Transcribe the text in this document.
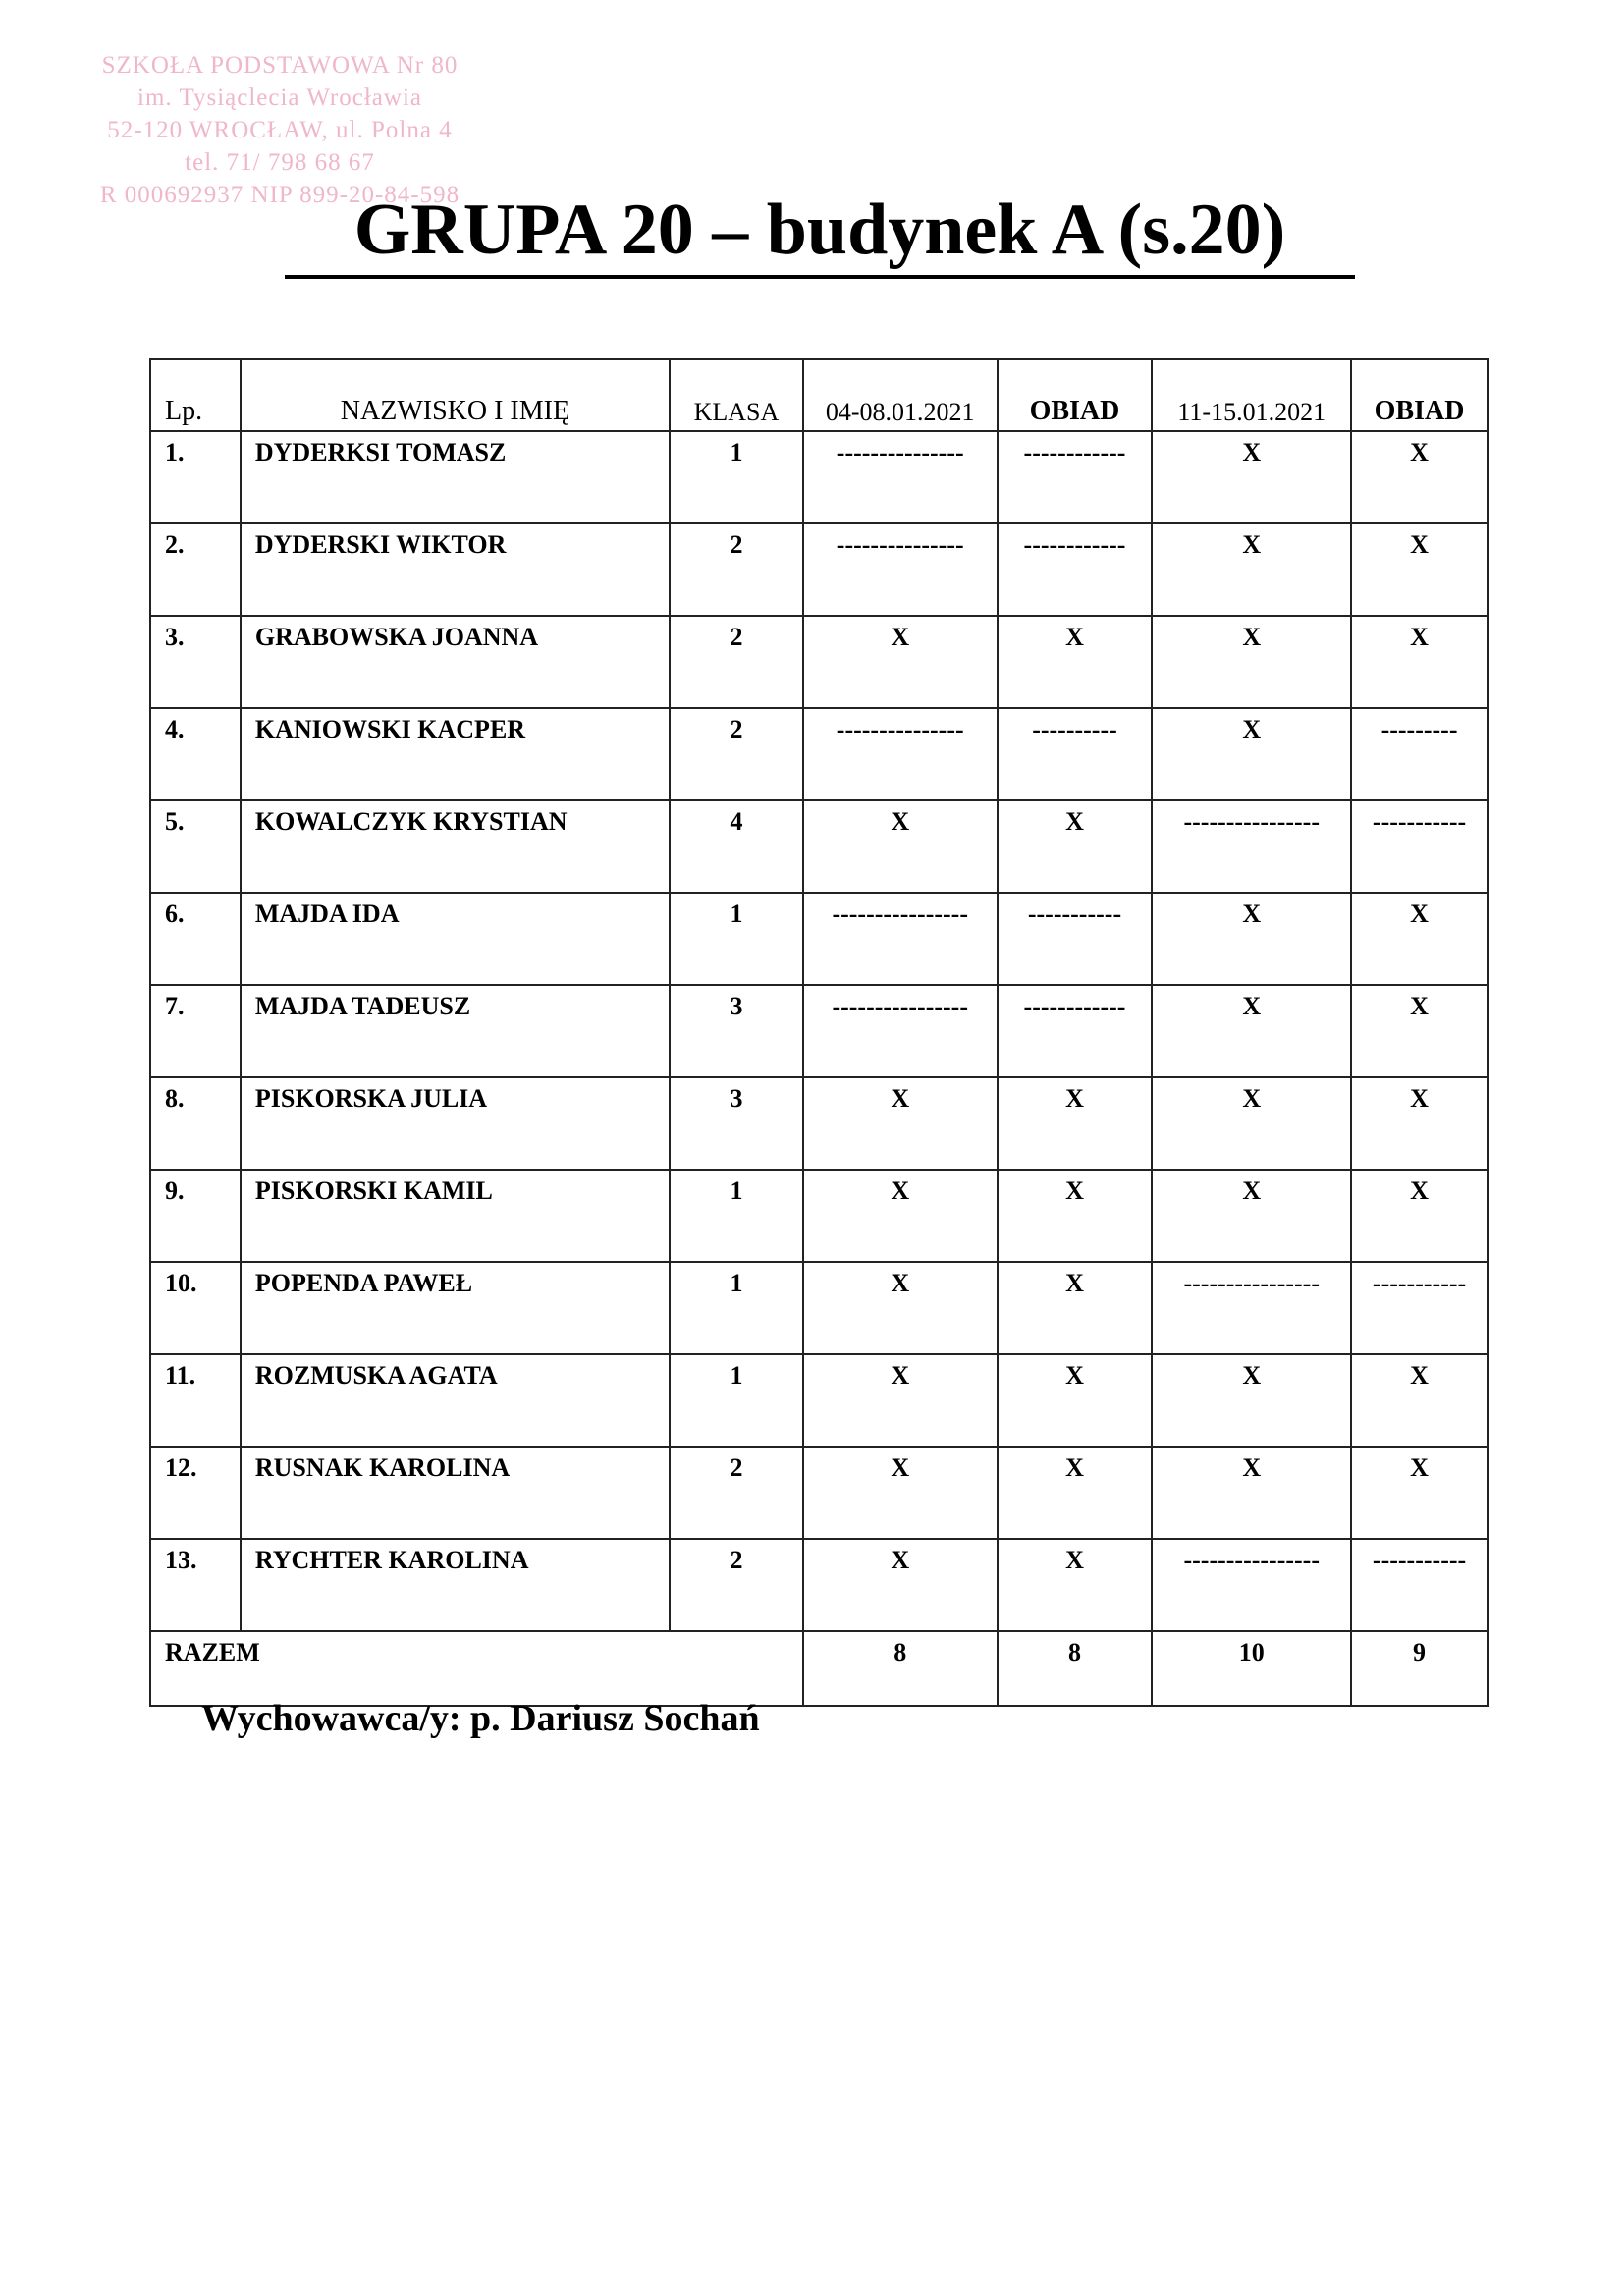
SZKOŁA PODSTAWOWA Nr 80
im. Tysiąclecia Wrocławia
52-120 WROCŁAW, ul. Polna 4
tel. 71/ 798 68 67
R 000692937 NIP 899-20-84-598
GRUPA 20 – budynek A (s.20)
Lp.	NAZWISKO I IMIĘ	KLASA	04-08.01.2021	OBIAD	11-15.01.2021	OBIAD
1.	DYDERKSI TOMASZ	1	---------------	------------	X	X
2.	DYDERSKI WIKTOR	2	---------------	------------	X	X
3.	GRABOWSKA JOANNA	2	X	X	X	X
4.	KANIOWSKI KACPER	2	---------------	----------	X	---------
5.	KOWALCZYK KRYSTIAN	4	X	X	----------------	-----------
6.	MAJDA IDA	1	----------------	-----------	X	X
7.	MAJDA TADEUSZ	3	----------------	------------	X	X
8.	PISKORSKA JULIA	3	X	X	X	X
9.	PISKORSKI KAMIL	1	X	X	X	X
10.	POPENDA PAWEŁ	1	X	X	----------------	-----------
11.	ROZMUSKA AGATA	1	X	X	X	X
12.	RUSNAK KAROLINA	2	X	X	X	X
13.	RYCHTER KAROLINA	2	X	X	----------------	-----------
RAZEM			8	8	10	9
Wychowawca/y: p. Dariusz Sochań
